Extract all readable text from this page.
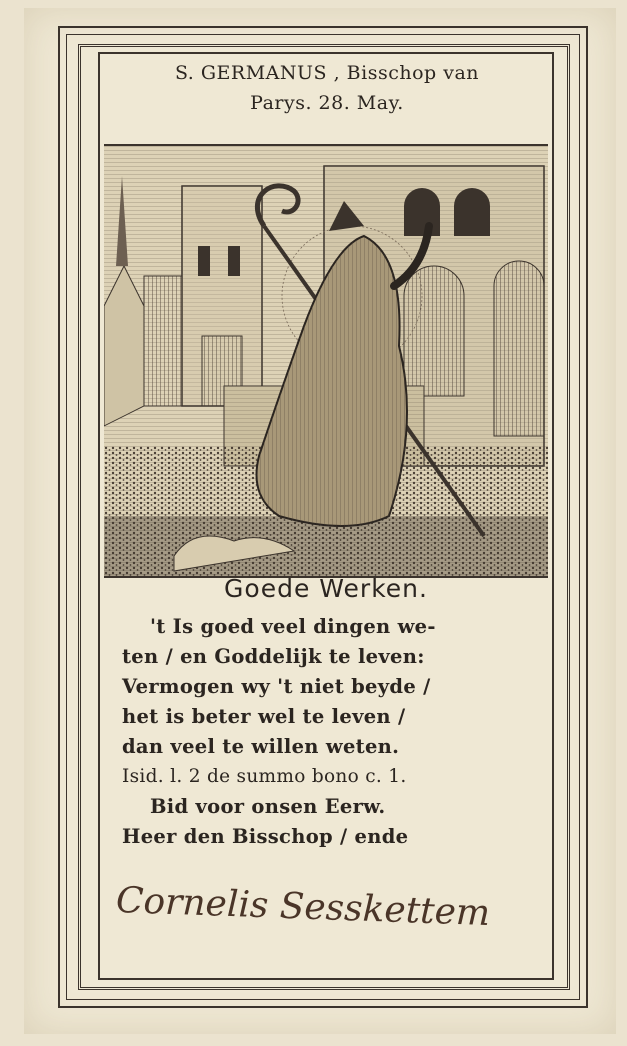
S. GERMANUS , Bisschop van
Parys. 28. May.
Goede Werken.
't Is goed veel dingen we-
ten / en Goddelijk te leven:
Vermogen wy 't niet beyde /
het is beter wel te leven /
dan veel te willen weten.
Isid. l. 2 de summo bono c. 1.
Bid voor onsen Eerw.
Heer den Bisschop / ende
Cornelis Sesskettem
